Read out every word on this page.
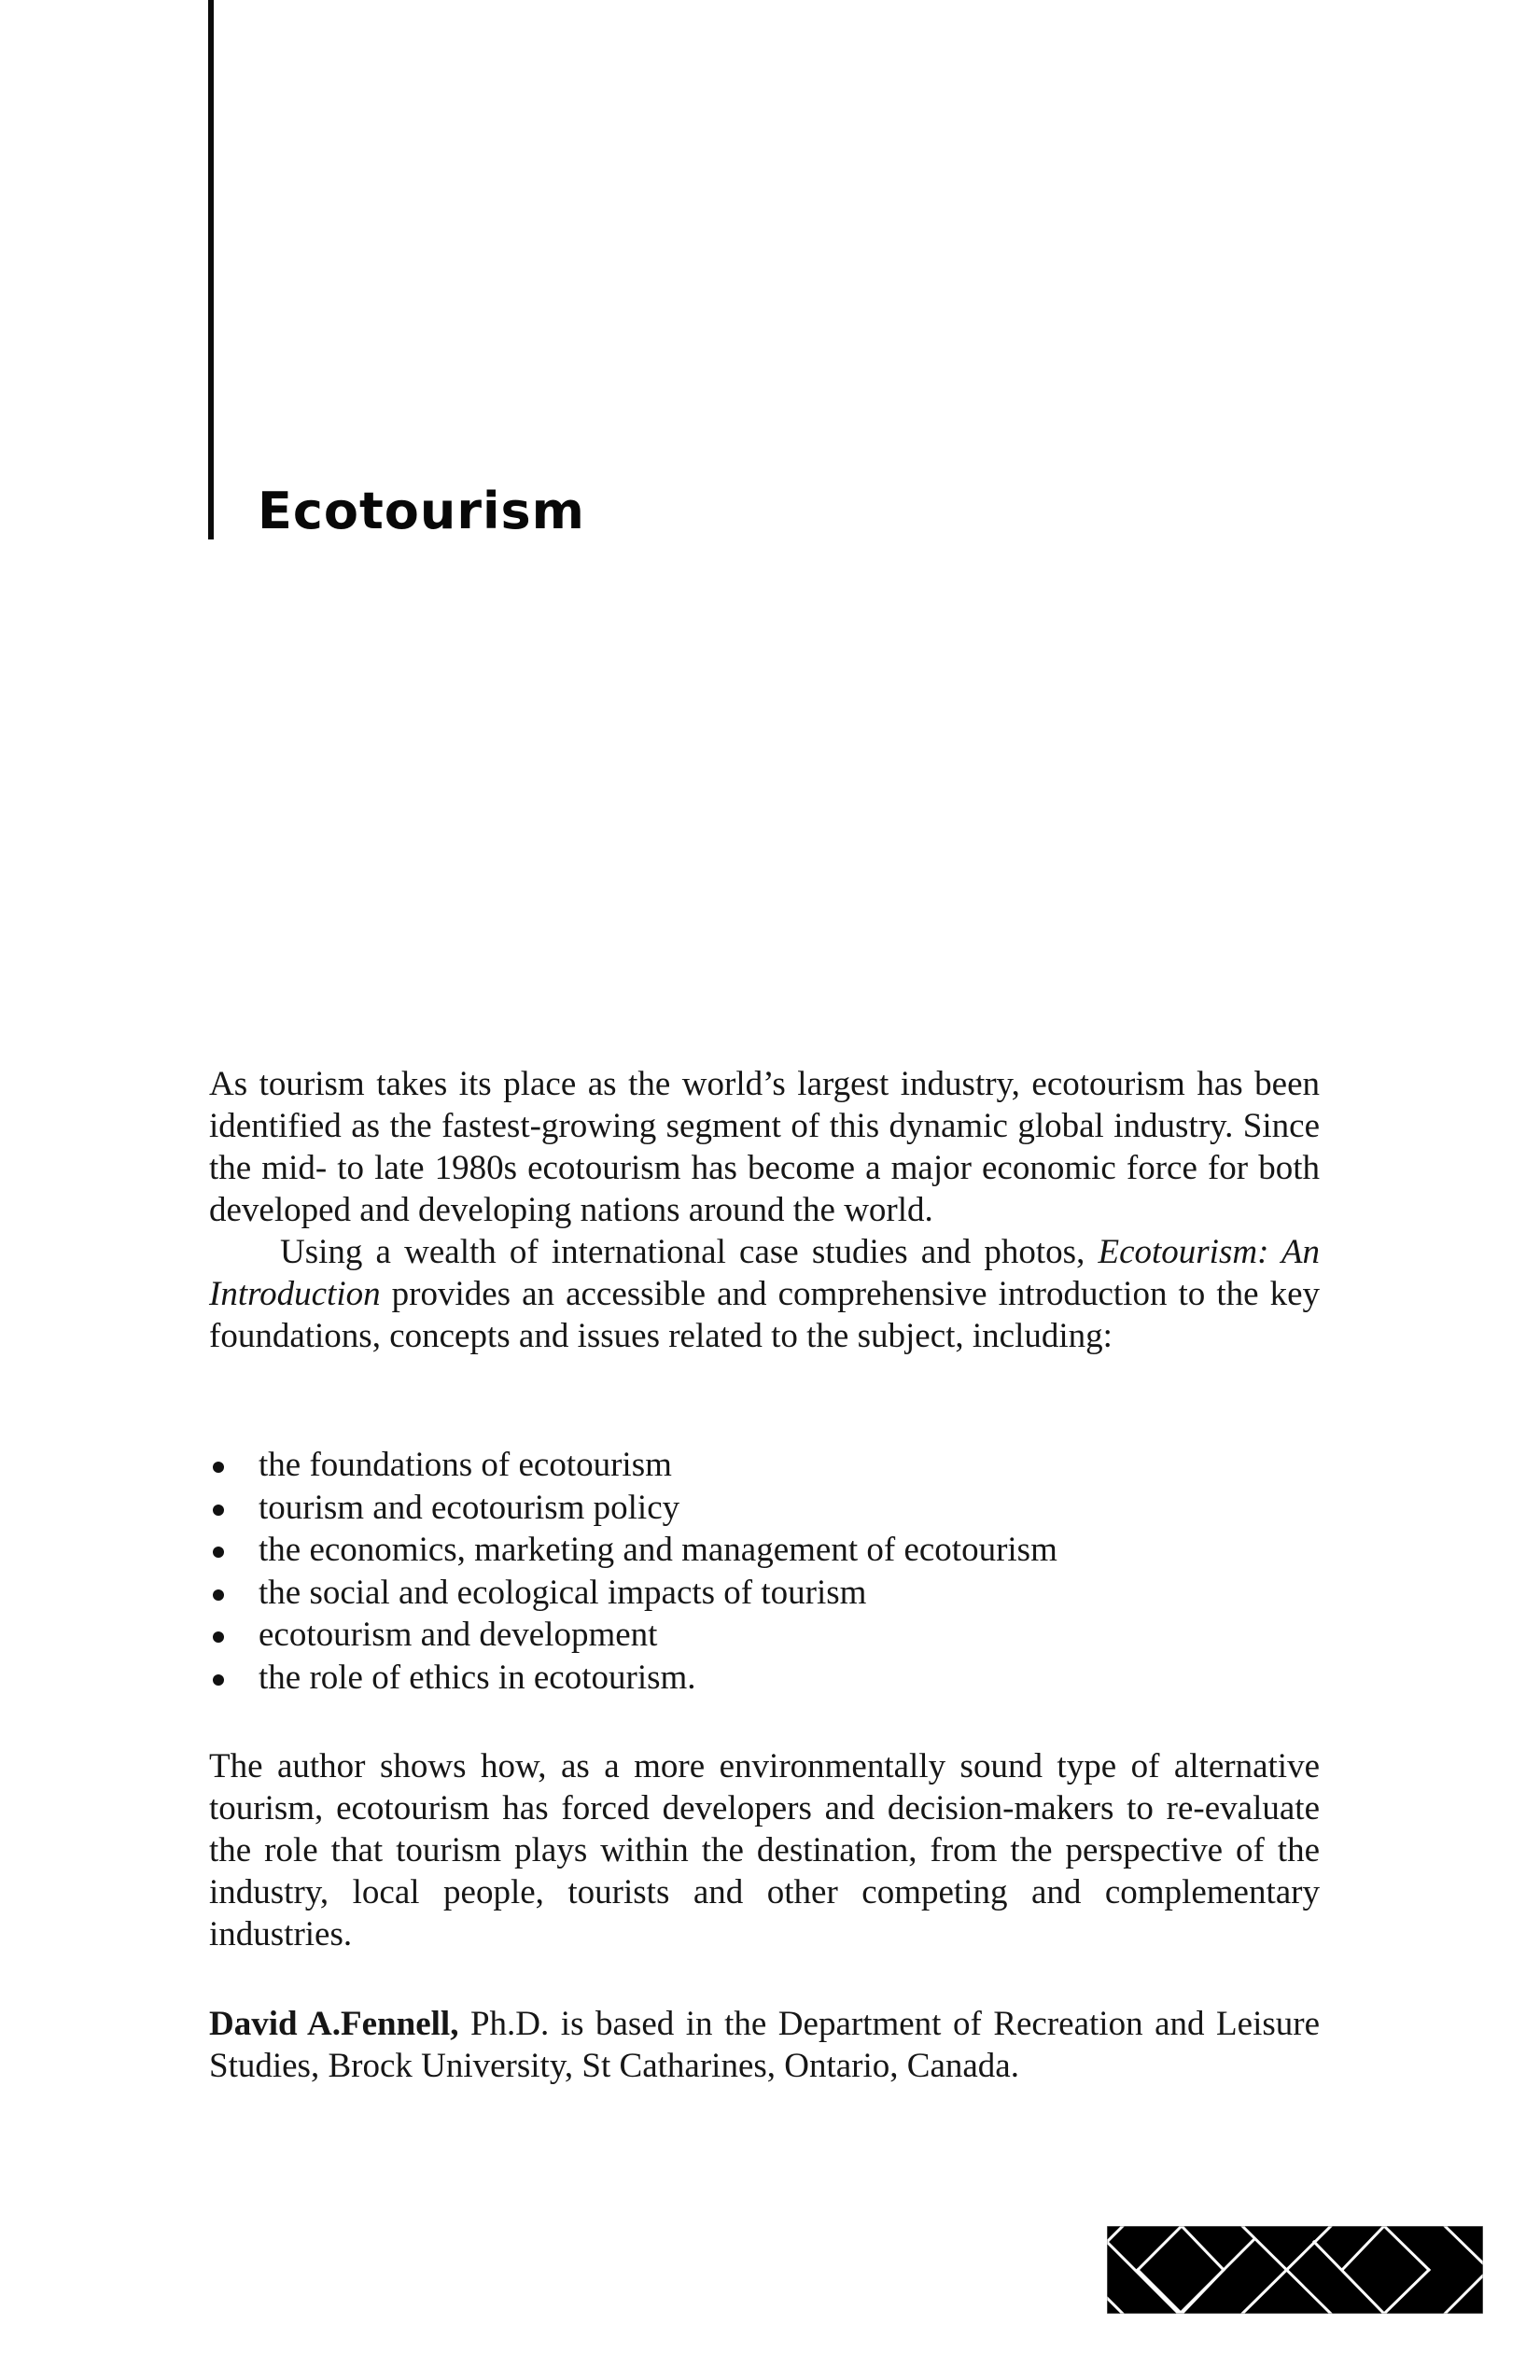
Ecotourism

As tourism takes its place as the world’s largest industry, ecotourism has been identified as the fastest-growing segment of this dynamic global industry. Since the mid- to late 1980s ecotourism has become a major economic force for both developed and developing nations around the world.

Using a wealth of international case studies and photos, Ecotourism: An Introduction provides an accessible and comprehensive introduction to the key foundations, concepts and issues related to the subject, including:

the foundations of ecotourism
tourism and ecotourism policy
the economics, marketing and management of ecotourism
the social and ecological impacts of tourism
ecotourism and development
the role of ethics in ecotourism.

The author shows how, as a more environmentally sound type of alternative tourism, ecotourism has forced developers and decision-makers to re-evaluate the role that tourism plays within the destination, from the perspective of the industry, local people, tourists and other competing and complementary industries.

David A.Fennell, Ph.D. is based in the Department of Recreation and Leisure Studies, Brock University, St Catharines, Ontario, Canada.
